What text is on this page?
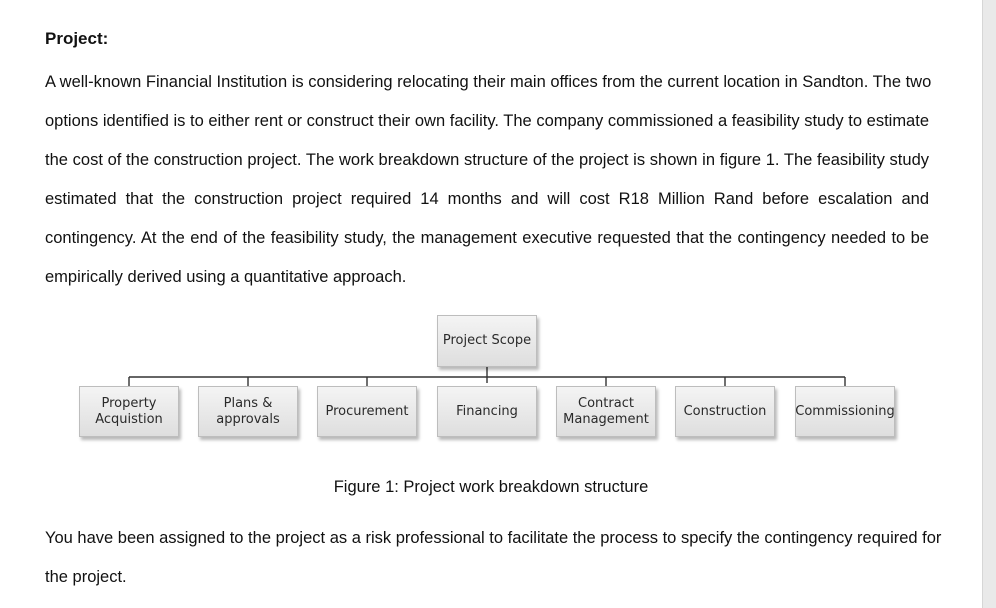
Project:
A well-known Financial Institution is considering relocating their main offices from the current location in Sandton. The two
options identified is to either rent or construct their own facility. The company commissioned a feasibility study to estimate
the cost of the construction project. The work breakdown structure of the project is shown in figure 1. The feasibility study
estimated that the construction project required 14 months and will cost R18 Million Rand before escalation and
contingency. At the end of the feasibility study, the management executive requested that the contingency needed to be
empirically derived using a quantitative approach.
Project Scope
Property
Acquistion
Plans &
approvals
Procurement	Financing
Contract
Management
Construction	Commissioning
Figure 1: Project work breakdown structure
You have been assigned to the project as a risk professional to facilitate the process to specify the contingency required for
the project.
